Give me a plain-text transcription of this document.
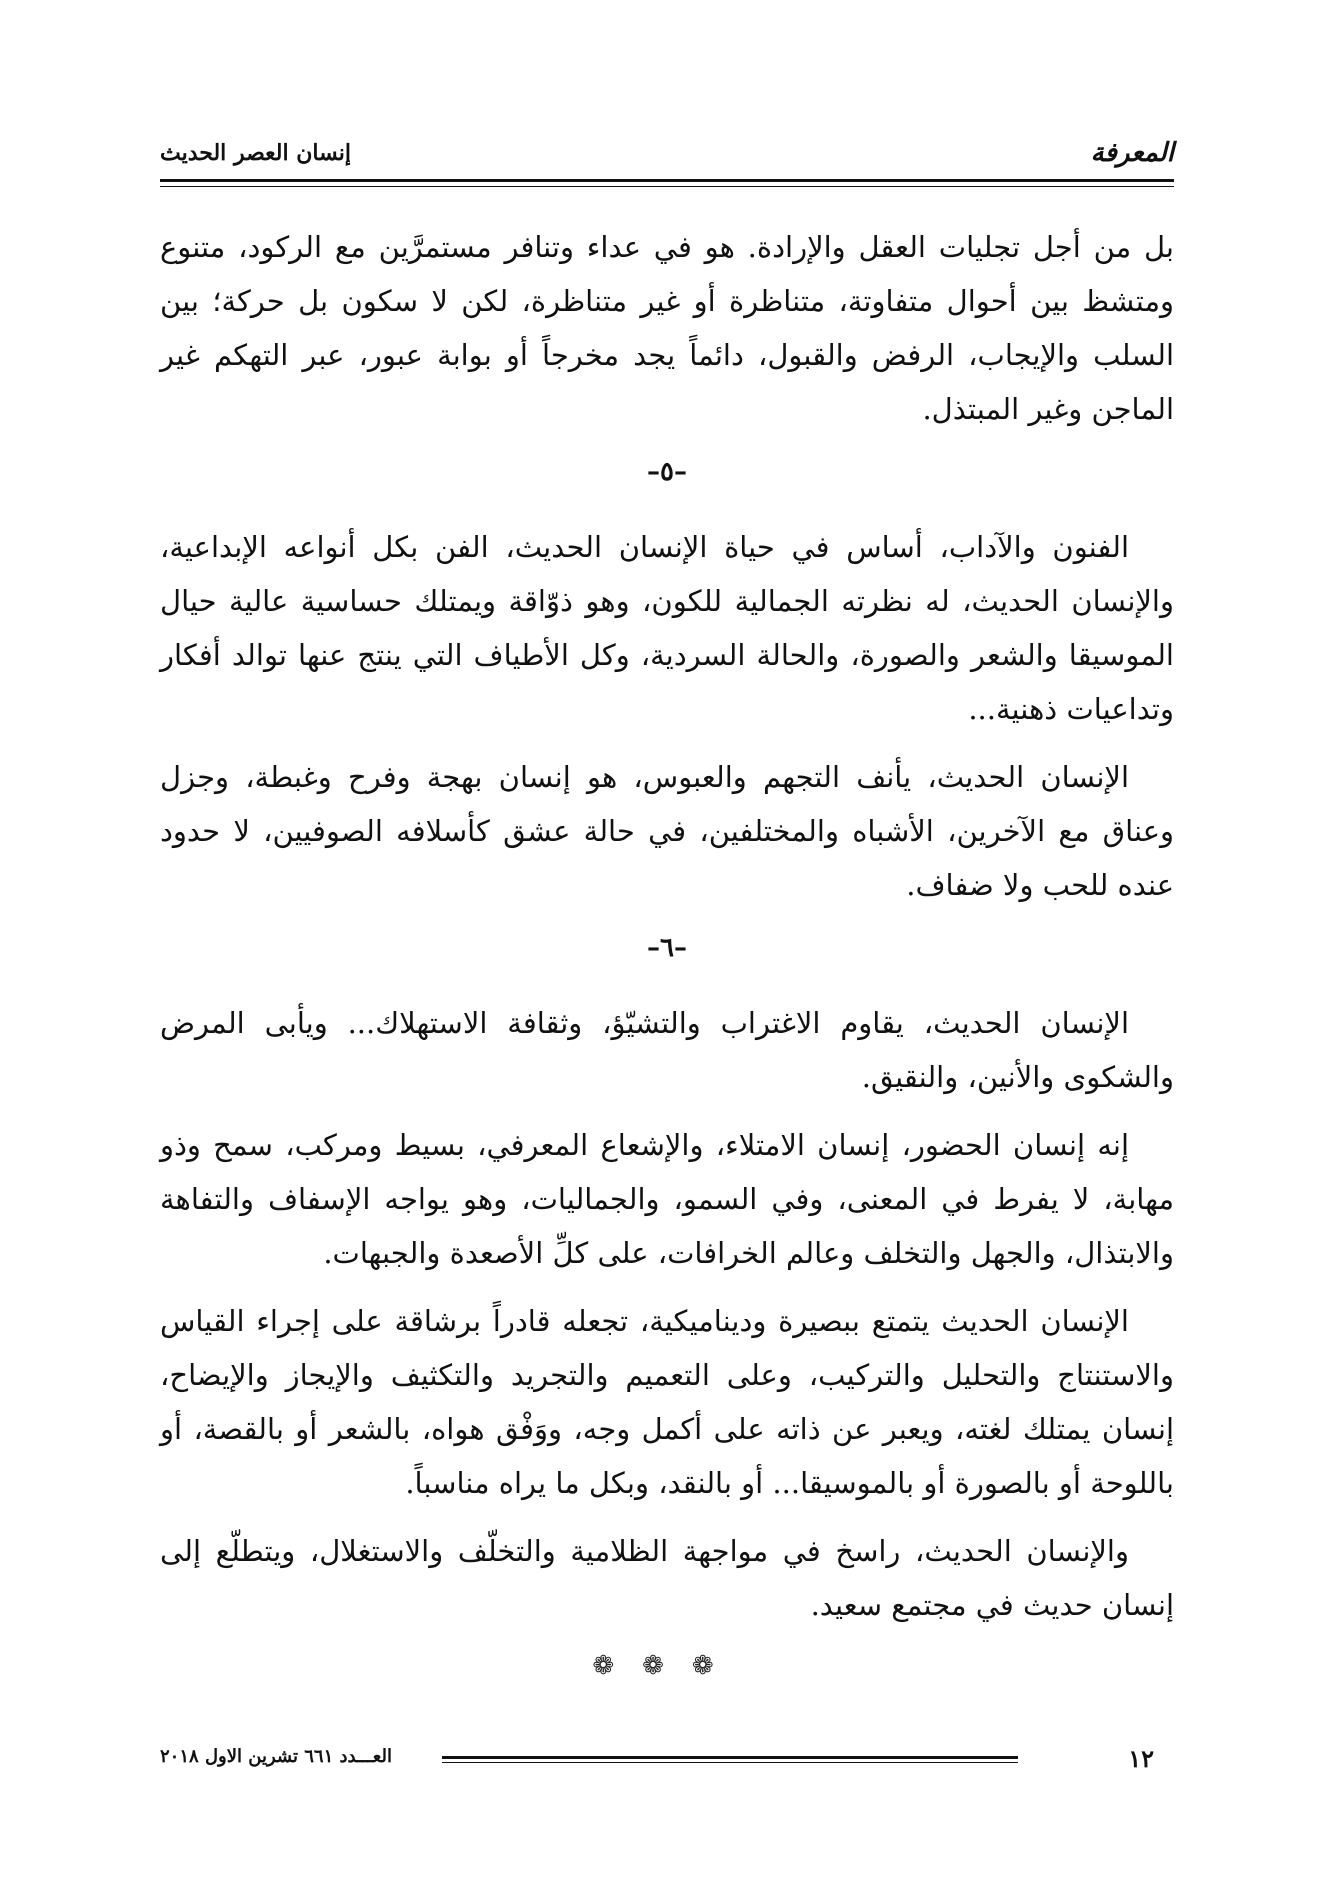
المعرفة
إنسان العصر الحديث

بل من أجل تجليات العقل والإرادة. هو في عداء وتنافر مستمرَّين مع الركود، متنوع ومتشظ بين أحوال متفاوتة، متناظرة أو غير متناظرة، لكن لا سكون بل حركة؛ بين السلب والإيجاب، الرفض والقبول، دائماً يجد مخرجاً أو بوابة عبور، عبر التهكم غير الماجن وغير المبتذل.

–٥–

الفنون والآداب، أساس في حياة الإنسان الحديث، الفن بكل أنواعه الإبداعية، والإنسان الحديث، له نظرته الجمالية للكون، وهو ذوّاقة ويمتلك حساسية عالية حيال الموسيقا والشعر والصورة، والحالة السردية، وكل الأطياف التي ينتج عنها توالد أفكار وتداعيات ذهنية...

الإنسان الحديث، يأنف التجهم والعبوس، هو إنسان بهجة وفرح وغبطة، وجزل وعناق مع الآخرين، الأشباه والمختلفين، في حالة عشق كأسلافه الصوفيين، لا حدود عنده للحب ولا ضفاف.

–٦–

الإنسان الحديث، يقاوم الاغتراب والتشيّؤ، وثقافة الاستهلاك... ويأبى المرض والشكوى والأنين، والنقيق.

إنه إنسان الحضور، إنسان الامتلاء، والإشعاع المعرفي، بسيط ومركب، سمح وذو مهابة، لا يفرط في المعنى، وفي السمو، والجماليات، وهو يواجه الإسفاف والتفاهة والابتذال، والجهل والتخلف وعالم الخرافات، على كلِّ الأصعدة والجبهات.

الإنسان الحديث يتمتع ببصيرة وديناميكية، تجعله قادراً برشاقة على إجراء القياس والاستنتاج والتحليل والتركيب، وعلى التعميم والتجريد والتكثيف والإيجاز والإيضاح، إنسان يمتلك لغته، ويعبر عن ذاته على أكمل وجه، ووَفْق هواه، بالشعر أو بالقصة، أو باللوحة أو بالصورة أو بالموسيقا... أو بالنقد، وبكل ما يراه مناسباً.

والإنسان الحديث، راسخ في مواجهة الظلامية والتخلّف والاستغلال، ويتطلّع إلى إنسان حديث في مجتمع سعيد.

❁❁❁
١٢
العـــدد ٦٦١ تشرين الاول ٢٠١٨
